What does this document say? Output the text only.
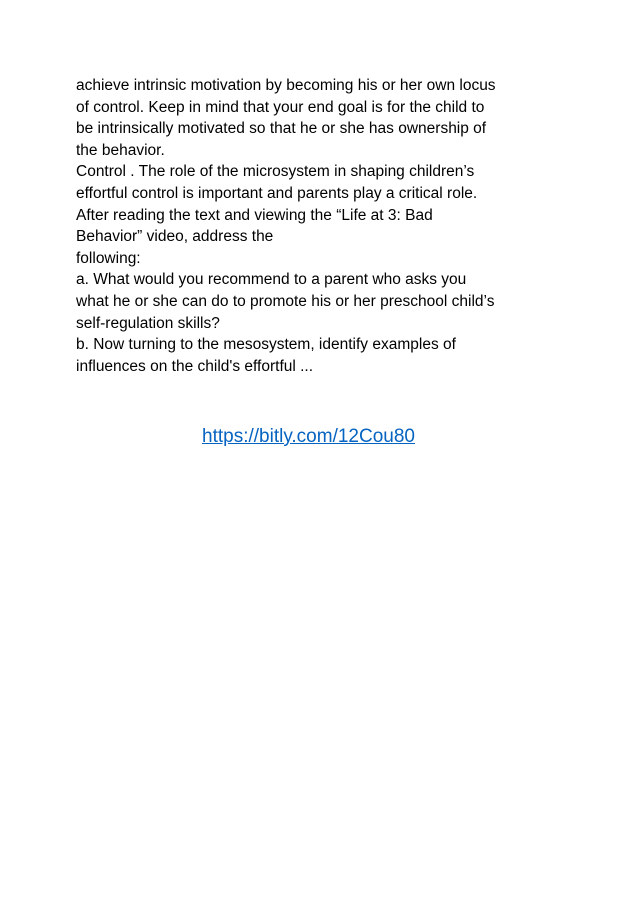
achieve intrinsic motivation by becoming his or her own locus
of control. Keep in mind that your end goal is for the child to
be intrinsically motivated so that he or she has ownership of
the behavior.
Control . The role of the microsystem in shaping children’s
effortful control is important and parents play a critical role.
After reading the text and viewing the “Life at 3: Bad
Behavior” video, address the
following:
a. What would you recommend to a parent who asks you
what he or she can do to promote his or her preschool child’s
self-regulation skills?
b. Now turning to the mesosystem, identify examples of
influences on the child's effortful ...
https://bitly.com/12Cou80
